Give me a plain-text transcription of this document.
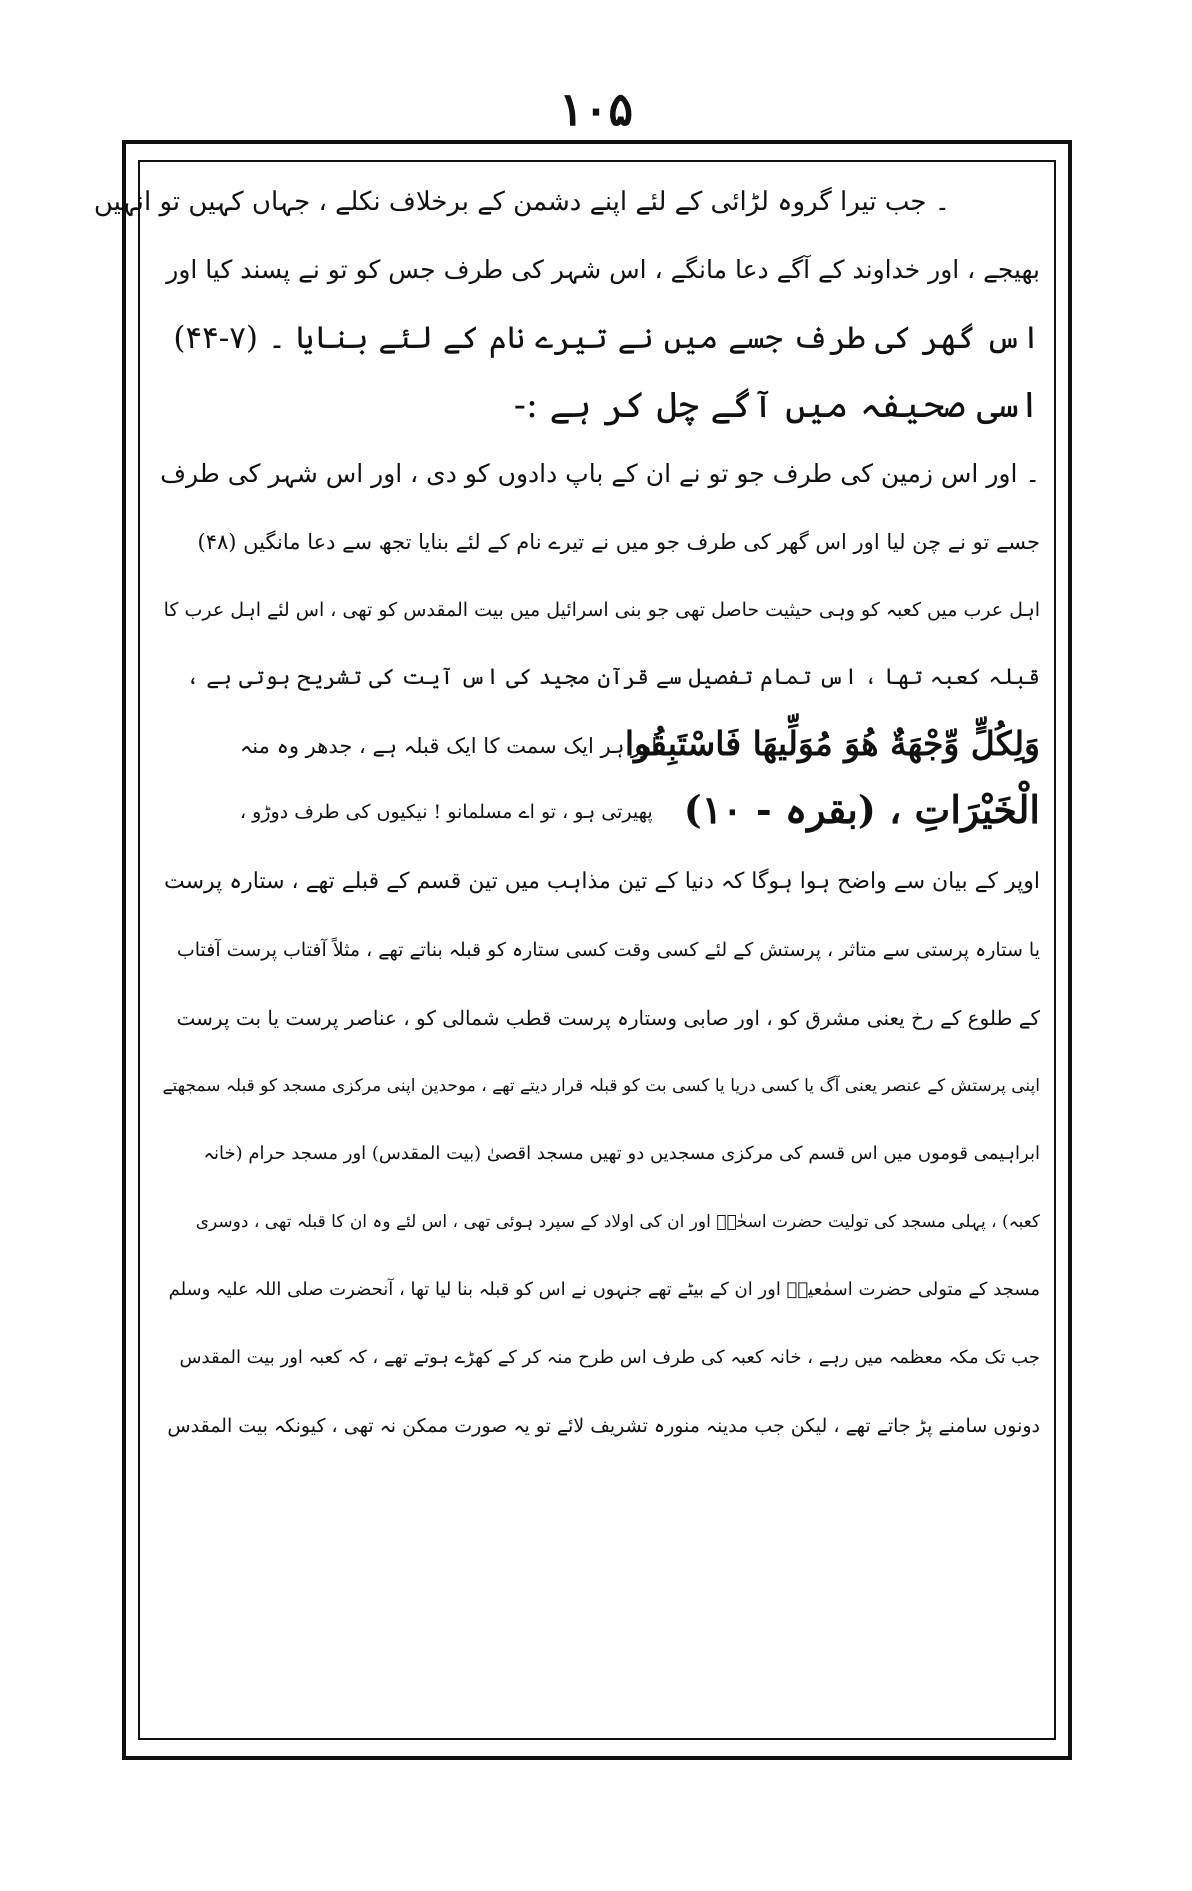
۱۰۵
۔ جب تیرا گروہ لڑائی کے لئے اپنے دشمن کے برخلاف نکلے ، جہاں کہیں تو انہیں
بھیجے ، اور خداوند کے آگے دعا مانگے ، اس شہر کی طرف جس کو تو نے پسند کیا اور
اس گھر کی طرف جسے میں نے تیرے نام کے لئے بنایا ۔ (۷-۴۴)
اسی صحیفہ میں آگے چل کر ہے :-
۔ اور اس زمین کی طرف جو تو نے ان کے باپ دادوں کو دی ، اور اس شہر کی طرف
جسے تو نے چن لیا اور اس گھر کی طرف جو میں نے تیرے نام کے لئے بنایا تجھ سے دعا مانگیں (۴۸)
اہل عرب میں کعبہ کو وہی حیثیت حاصل تھی جو بنی اسرائیل میں بیت المقدس کو تھی ، اس لئے اہل عرب کا
قبلہ کعبہ تھا ، اس تمام تفصیل سے قرآن مجید کی اس آیت کی تشریح ہوتی ہے ،
وَلِكُلٍّ وِّجْهَةٌ هُوَ مُوَلِّيهَا فَاسْتَبِقُوا
اور ہر ایک سمت کا ایک قبلہ ہے ، جدھر وہ منہ
الْخَيْرَاتِ ، (بقرہ - ۱۰)
پھیرتی ہو ، تو اے مسلمانو ! نیکیوں کی طرف دوڑو ،
اوپر کے بیان سے واضح ہوا ہوگا کہ دنیا کے تین مذاہب میں تین قسم کے قبلے تھے ، ستارہ پرست
یا ستارہ پرستی سے متاثر ، پرستش کے لئے کسی وقت کسی ستارہ کو قبلہ بناتے تھے ، مثلاً آفتاب پرست آفتاب
کے طلوع کے رخ یعنی مشرق کو ، اور صابی وستارہ پرست قطب شمالی کو ، عناصر پرست یا بت پرست
اپنی پرستش کے عنصر یعنی آگ یا کسی دریا یا کسی بت کو قبلہ قرار دیتے تھے ، موحدین اپنی مرکزی مسجد کو قبلہ سمجھتے
ابراہیمی قوموں میں اس قسم کی مرکزی مسجدیں دو تھیں مسجد اقصیٰ (بیت المقدس) اور مسجد حرام (خانہ
کعبہ) ، پہلی مسجد کی تولیت حضرت اسحٰقؑ اور ان کی اولاد کے سپرد ہوئی تھی ، اس لئے وہ ان کا قبلہ تھی ، دوسری
مسجد کے متولی حضرت اسمٰعیلؑ اور ان کے بیٹے تھے جنہوں نے اس کو قبلہ بنا لیا تھا ، آنحضرت صلی اللہ علیہ وسلم
جب تک مکہ معظمہ میں رہے ، خانہ کعبہ کی طرف اس طرح منہ کر کے کھڑے ہوتے تھے ، کہ کعبہ اور بیت المقدس
دونوں سامنے پڑ جاتے تھے ، لیکن جب مدینہ منورہ تشریف لائے تو یہ صورت ممکن نہ تھی ، کیونکہ بیت المقدس
